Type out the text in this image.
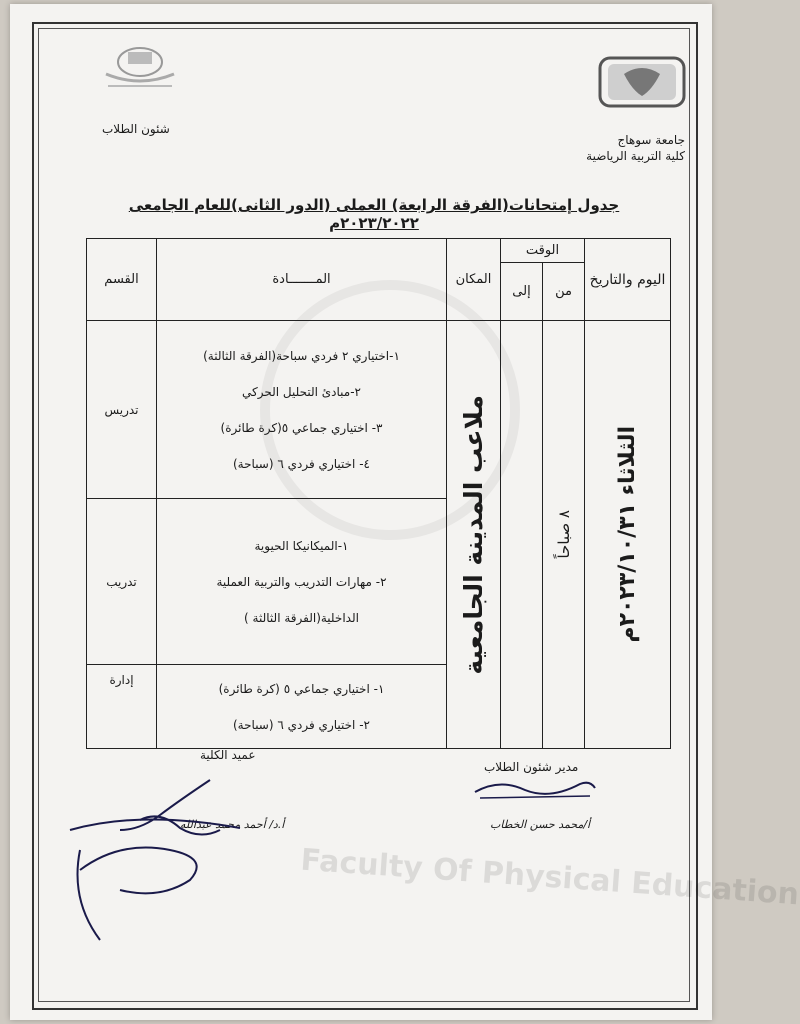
Faculty Of Physical Education
جامعة سوهاج
كلية التربية الرياضية
شئون الطلاب
جدول إمتحانات(الفرقة الرابعة) العملى (الدور الثانى)للعام الجامعى ٢٠٢٣/٢٠٢٢م
اليوم والتاريخ	الوقت		المكان	المـــــــادة	القسم
	من	إلى			

الثلاثاء ٢٠٢٣/١٠/٣١م	٨ صباحاً		ملاعب المدينة الجامعية	١-اختياري ٢ فردي سباحة(الفرقة الثالثة)
٢-مبادئ التحليل الحركي
٣- اختياري جماعي ٥(كرة طائرة)
٤- اختياري فردي ٦ (سباحة)	تدريس

				١-الميكانيكا الحيوية
٢- مهارات التدريب والتربية العملية
الداخلية(الفرقة الثالثة )	تدريب

				١- اختياري جماعي ٥ (كرة طائرة)
٢- اختياري فردي ٦ (سباحة)	إدارة
عميد الكلية
أ.د/ أحمد محمد عبدالله
مدير شئون الطلاب
أ/محمد حسن الخطاب
